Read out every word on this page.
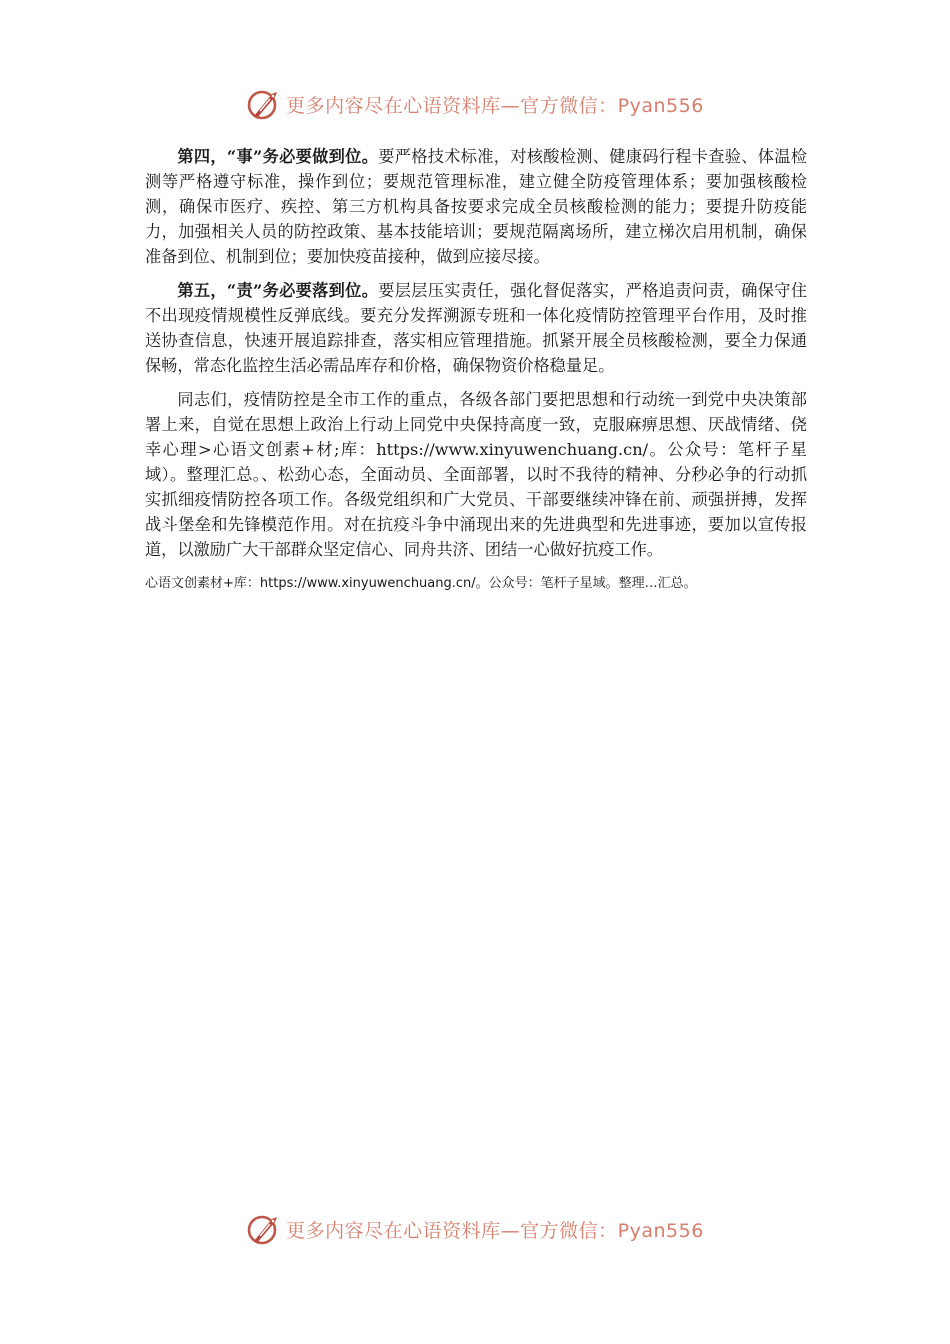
更多内容尽在心语资料库—官方微信：Pyan556

第四，“事”务必要做到位。要严格技术标准，对核酸检测、健康码行程卡查验、体温检测等严格遵守标准，操作到位；要规范管理标准，建立健全防疫管理体系；要加强核酸检测，确保市医疗、疾控、第三方机构具备按要求完成全员核酸检测的能力；要提升防疫能力，加强相关人员的防控政策、基本技能培训；要规范隔离场所，建立梯次启用机制，确保准备到位、机制到位；要加快疫苗接种，做到应接尽接。

第五，“责”务必要落到位。要层层压实责任，强化督促落实，严格追责问责，确保守住不出现疫情规模性反弹底线。要充分发挥溯源专班和一体化疫情防控管理平台作用，及时推送协查信息，快速开展追踪排查，落实相应管理措施。抓紧开展全员核酸检测，要全力保通保畅，常态化监控生活必需品库存和价格，确保物资价格稳量足。

同志们，疫情防控是全市工作的重点，各级各部门要把思想和行动统一到党中央决策部署上来，自觉在思想上政治上行动上同党中央保持高度一致，克服麻痹思想、厌战情绪、侥幸心理>心语文创素+材;库：https://www.xinyuwenchuang.cn/。公众号：笔杆子星域）。整理汇总。、松劲心态，全面动员、全面部署，以时不我待的精神、分秒必争的行动抓实抓细疫情防控各项工作。各级党组织和广大党员、干部要继续冲锋在前、顽强拼搏，发挥战斗堡垒和先锋模范作用。对在抗疫斗争中涌现出来的先进典型和先进事迹，要加以宣传报道，以激励广大干部群众坚定信心、同舟共济、团结一心做好抗疫工作。

心语文创素材+库：https://www.xinyuwenchuang.cn/。公众号：笔杆子星域。整理…汇总。

更多内容尽在心语资料库—官方微信：Pyan556
